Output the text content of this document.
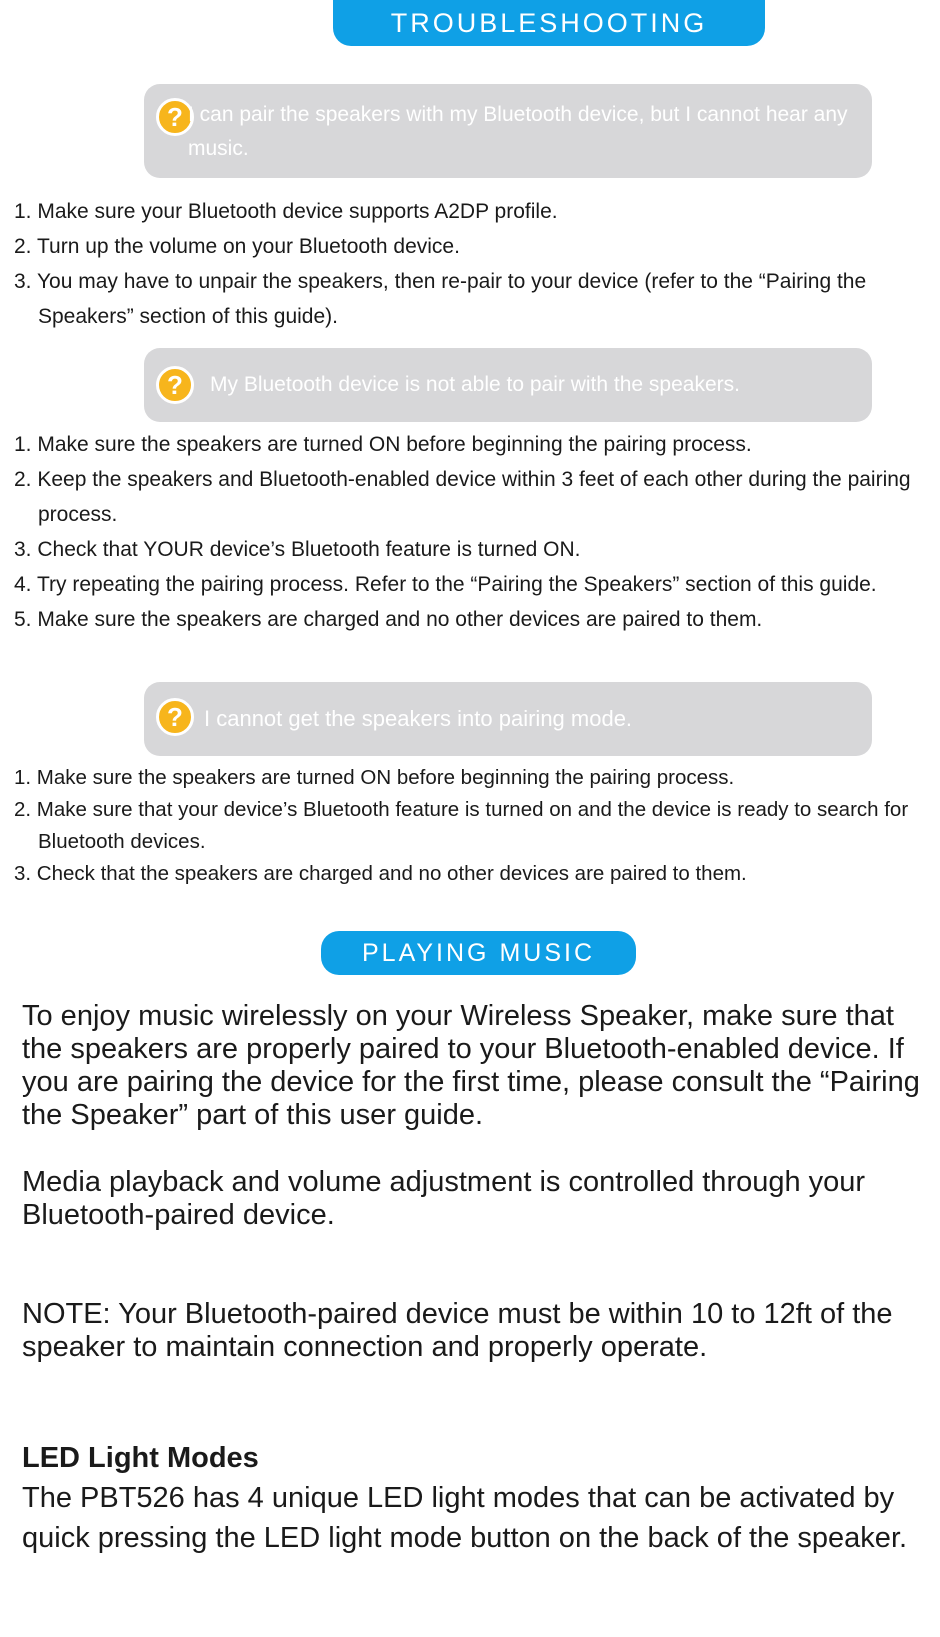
TROUBLESHOOTING
? I can pair the speakers with my Bluetooth device, but I cannot hear any music.
1. Make sure your Bluetooth device supports A2DP profile.
2. Turn up the volume on your Bluetooth device.
3. You may have to unpair the speakers, then re-pair to your device (refer to the “Pairing the Speakers” section of this guide).
?	My Bluetooth device is not able to pair with the speakers.
1. Make sure the speakers are turned ON before beginning the pairing process.
2. Keep the speakers and Bluetooth-enabled device within 3 feet of each other during the pairing process.
3. Check that YOUR device’s Bluetooth feature is turned ON.
4. Try repeating the pairing process. Refer to the “Pairing the Speakers” section of this guide.
5. Make sure the speakers are charged and no other devices are paired to them.
? I cannot get the speakers into pairing mode.
1. Make sure the speakers are turned ON before beginning the pairing process.
2. Make sure that your device’s Bluetooth feature is turned on and the device is ready to search for Bluetooth devices.
3. Check that the speakers are charged and no other devices are paired to them.
PLAYING MUSIC

To enjoy music wirelessly on your Wireless Speaker, make sure that the speakers are properly paired to your Bluetooth-enabled device. If you are pairing the device for the first time, please consult the “Pairing the Speaker” part of this user guide.

Media playback and volume adjustment is controlled through your Bluetooth-paired device.

NOTE: Your Bluetooth-paired device must be within 10 to 12ft of the speaker to maintain connection and properly operate.

LED Light Modes

The PBT526 has 4 unique LED light modes that can be activated by quick pressing the LED light mode button on the back of the speaker.
